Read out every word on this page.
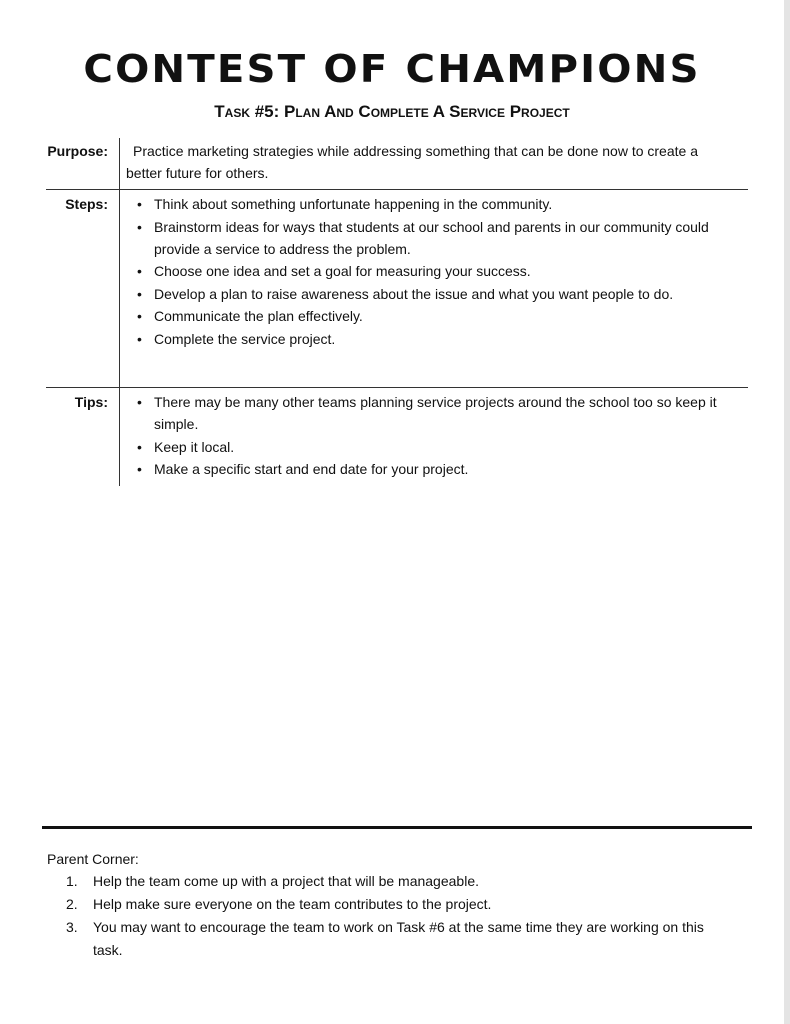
CONTEST OF CHAMPIONS
Task #5: Plan And Complete A Service Project
Purpose:	Practice marketing strategies while addressing something that can be done now to create a better future for others.

Steps:	• Think about something unfortunate happening in the community.
• Brainstorm ideas for ways that students at our school and parents in our community could provide a service to address the problem.
• Choose one idea and set a goal for measuring your success.
• Develop a plan to raise awareness about the issue and what you want people to do.
• Communicate the plan effectively.
• Complete the service project.
Tips:	• There may be many other teams planning service projects around the school too so keep it simple.
• Keep it local.
• Make a specific start and end date for your project.
Parent Corner:
1. Help the team come up with a project that will be manageable.
2. Help make sure everyone on the team contributes to the project.
3. You may want to encourage the team to work on Task #6 at the same time they are working on this task.
